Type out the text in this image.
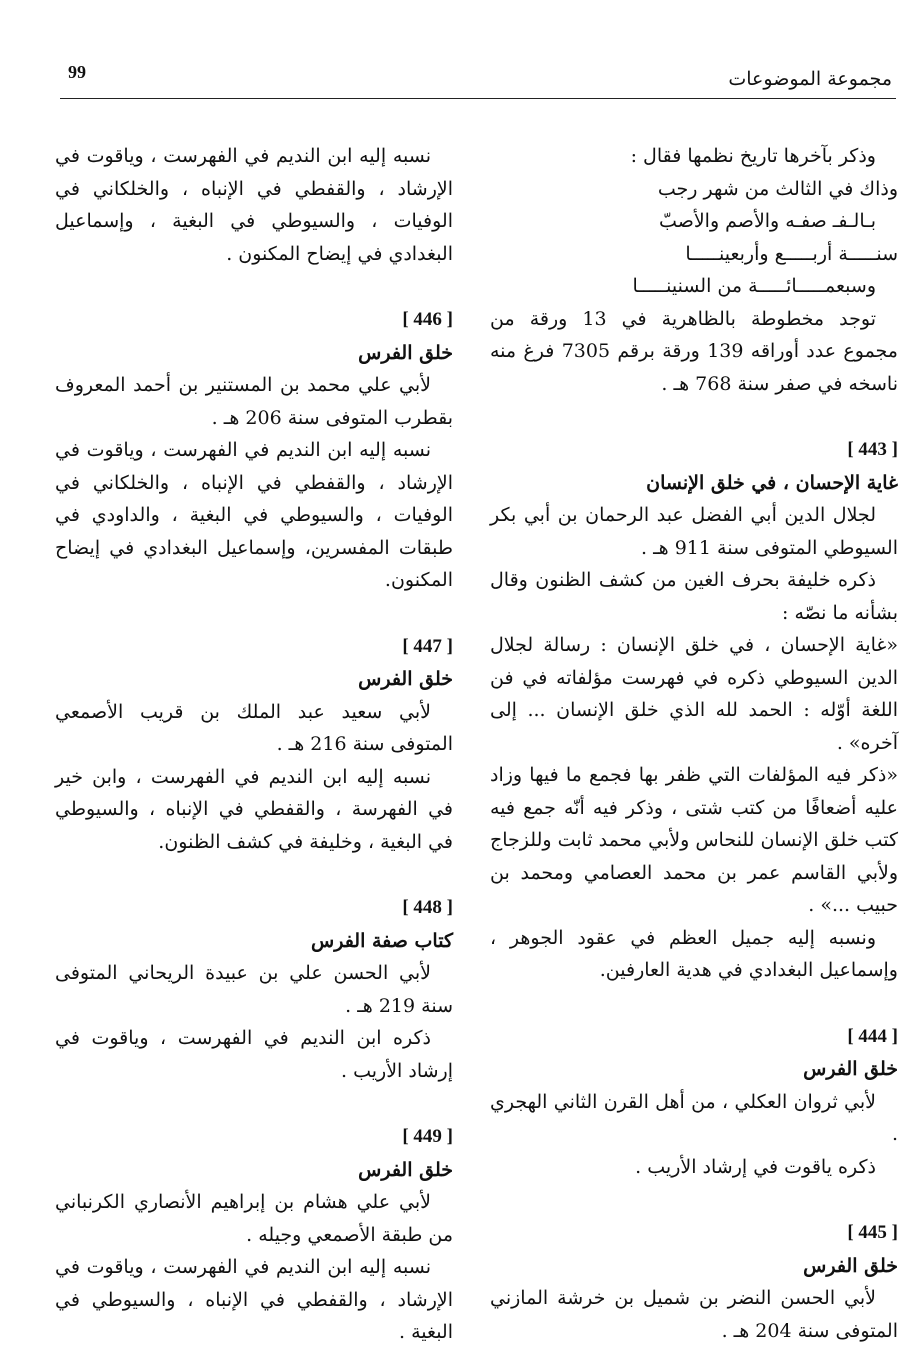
99	مجموعة الموضوعات

وذكر بآخرها تاريخ نظمها فقال :

وذاك في الثالث من شهر رجب

بـالـفـ صفـه والأصم والأصبّ

سنـــــة أربـــــع وأربعينـــــا

وسبعمـــــائـــــة من السنينـــــا

توجد مخطوطة بالظاهرية في 13 ورقة من مجموع عدد أوراقه 139 ورقة برقم 7305 فرغ منه ناسخه في صفر سنة 768 هـ .

[ 443 ]

غاية الإحسان ، في خلق الإنسان

لجلال الدين أبي الفضل عبد الرحمان بن أبي بكر السيوطي المتوفى سنة 911 هـ .

ذكره خليفة بحرف الغين من كشف الظنون وقال بشأنه ما نصّه :

«غاية الإحسان ، في خلق الإنسان : رسالة لجلال الدين السيوطي ذكره في فهرست مؤلفاته في فن اللغة أوّله : الحمد لله الذي خلق الإنسان ... إلى آخره» .

«ذكر فيه المؤلفات التي ظفر بها فجمع ما فيها وزاد عليه أضعافًا من كتب شتى ، وذكر فيه أنّه جمع فيه كتب خلق الإنسان للنحاس ولأبي محمد ثابت وللزجاج ولأبي القاسم عمر بن محمد العصامي ومحمد بن حبيب ...» .

ونسبه إليه جميل العظم في عقود الجوهر ، وإسماعيل البغدادي في هدية العارفين.

[ 444 ]

خلق الفرس

لأبي ثروان العكلي ، من أهل القرن الثاني الهجري .

ذكره ياقوت في إرشاد الأريب .

[ 445 ]

خلق الفرس

لأبي الحسن النضر بن شميل بن خرشة المازني المتوفى سنة 204 هـ .

نسبه إليه ابن النديم في الفهرست ، وياقوت في الإرشاد ، والقفطي في الإنباه ، والخلكاني في الوفيات ، والسيوطي في البغية ، وإسماعيل البغدادي في إيضاح المكنون .

[ 446 ]

خلق الفرس

لأبي علي محمد بن المستنير بن أحمد المعروف بقطرب المتوفى سنة 206 هـ .

نسبه إليه ابن النديم في الفهرست ، وياقوت في الإرشاد ، والقفطي في الإنباه ، والخلكاني في الوفيات ، والسيوطي في البغية ، والداودي في طبقات المفسرين، وإسماعيل البغدادي في إيضاح المكنون.

[ 447 ]

خلق الفرس

لأبي سعيد عبد الملك بن قريب الأصمعي المتوفى سنة 216 هـ .

نسبه إليه ابن النديم في الفهرست ، وابن خير في الفهرسة ، والقفطي في الإنباه ، والسيوطي في البغية ، وخليفة في كشف الظنون.

[ 448 ]

كتاب صفة الفرس

لأبي الحسن علي بن عبيدة الريحاني المتوفى سنة 219 هـ .

ذكره ابن النديم في الفهرست ، وياقوت في إرشاد الأريب .

[ 449 ]

خلق الفرس

لأبي علي هشام بن إبراهيم الأنصاري الكرنباني من طبقة الأصمعي وجيله .

نسبه إليه ابن النديم في الفهرست ، وياقوت في الإرشاد ، والقفطي في الإنباه ، والسيوطي في البغية .
